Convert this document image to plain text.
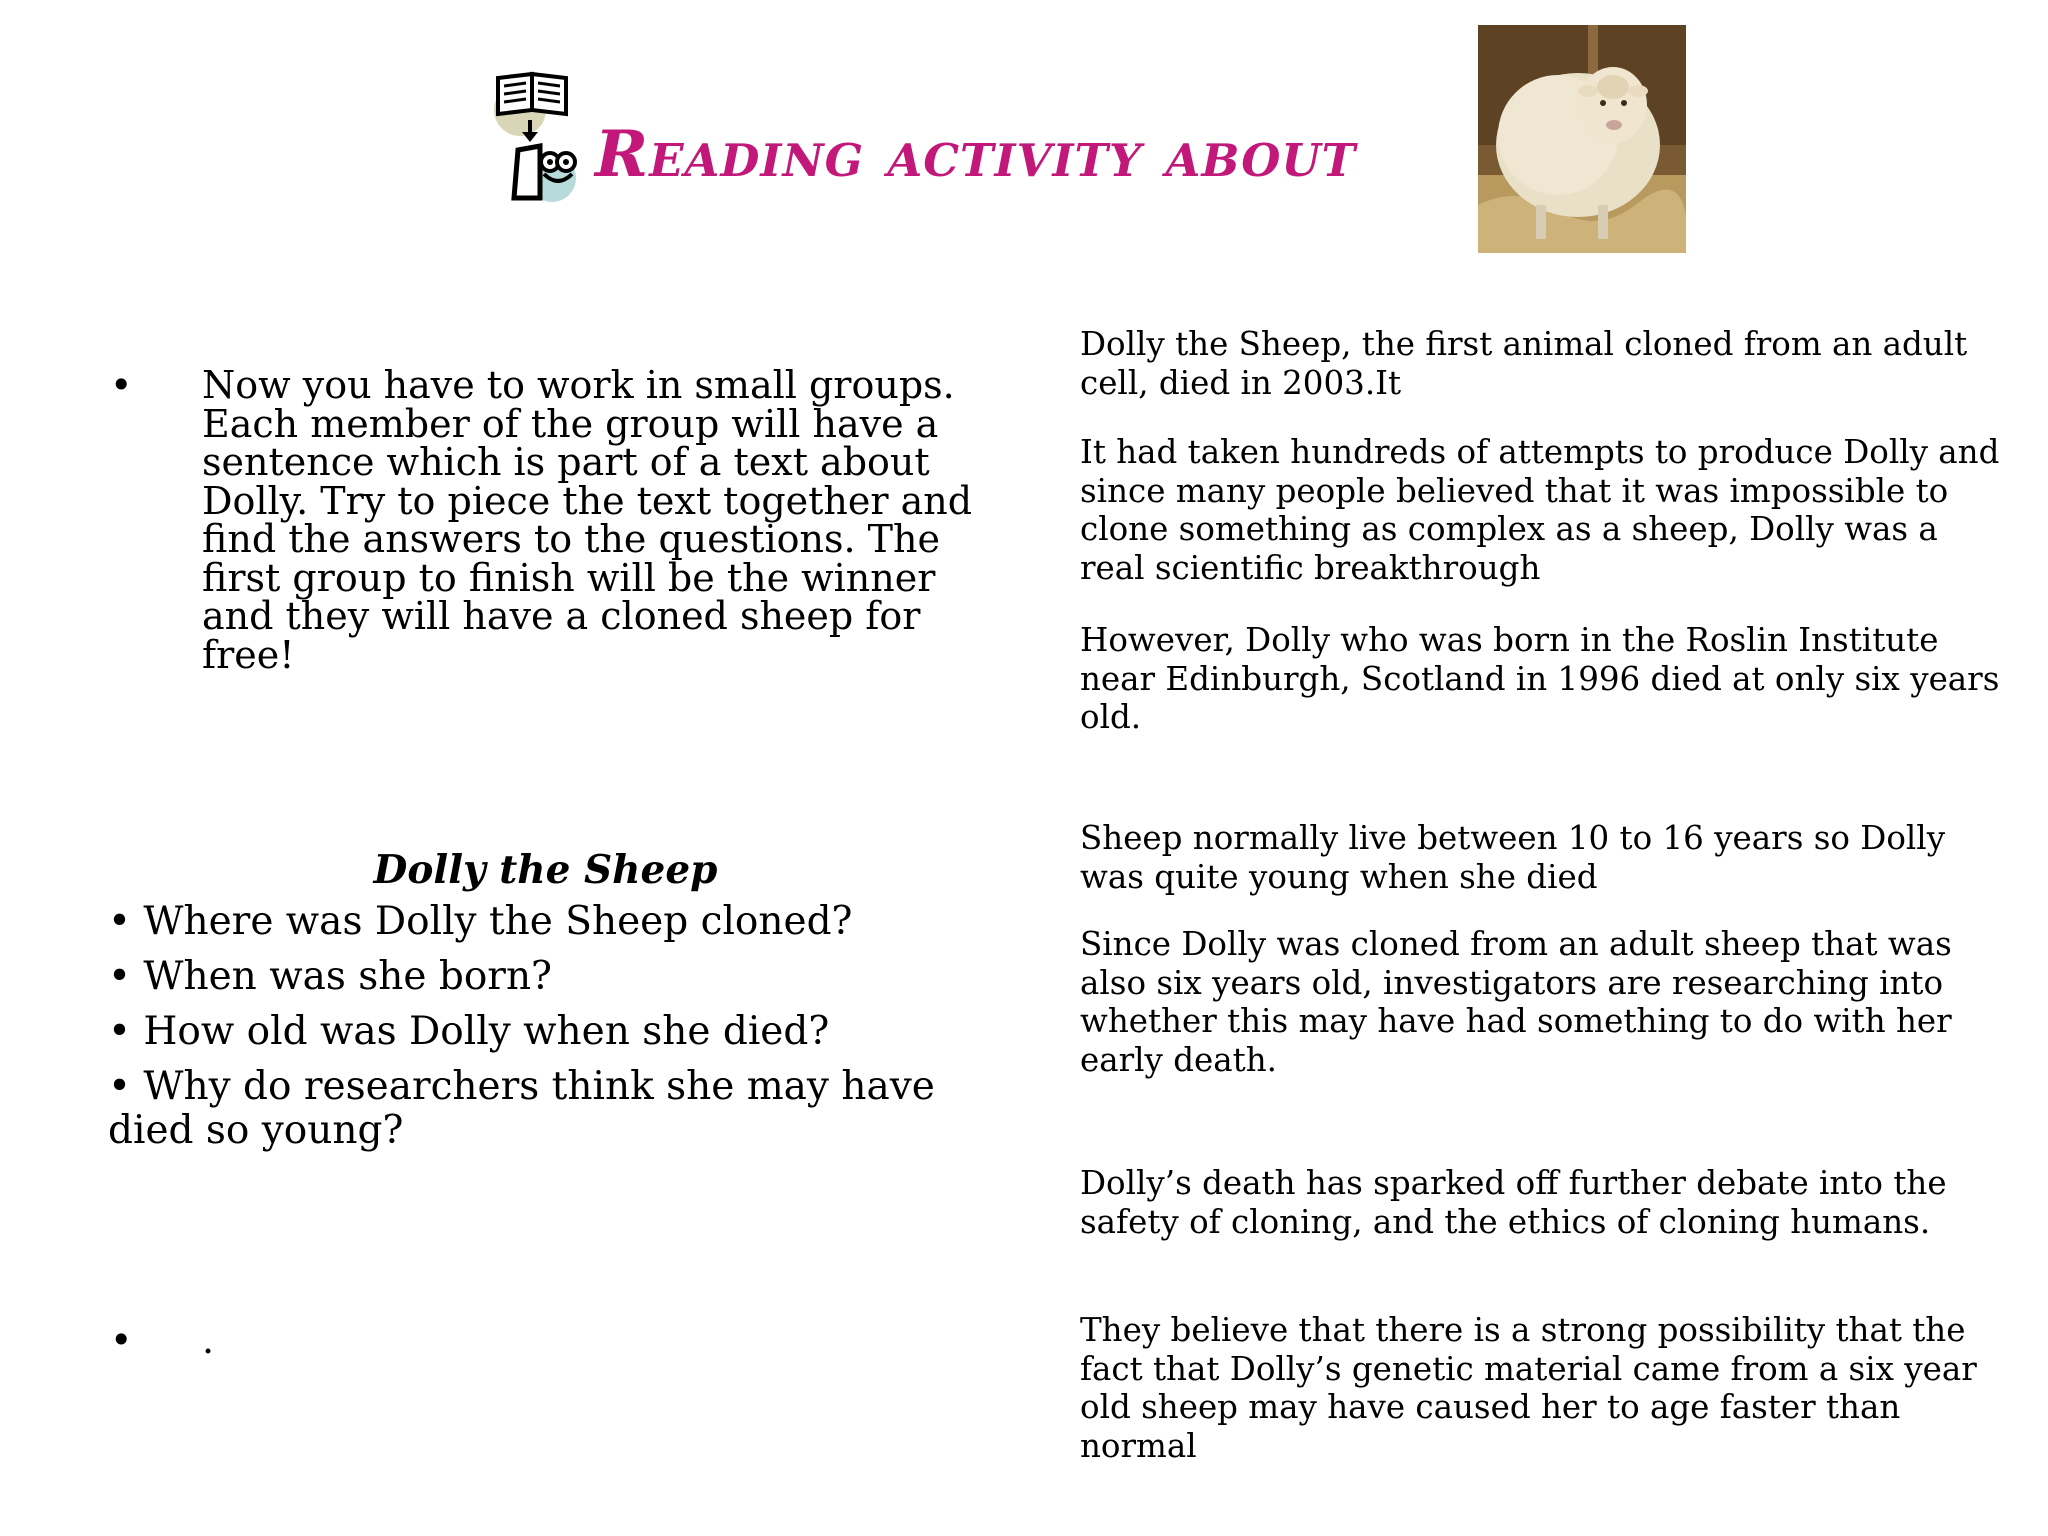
Reading activity about
• Now you have to work in small groups. Each member of the group will have a sentence which is part of a text about Dolly. Try to piece the text together and find the answers to the questions. The first group to finish will be the winner and they will have a cloned sheep for free!
Dolly the Sheep
• Where was Dolly the Sheep cloned?
• When was she born?
• How old was Dolly when she died?
• Why do researchers think she may have died so young?
• .
Dolly the Sheep, the first animal cloned from an adult cell, died in 2003.It
It had taken hundreds of attempts to produce Dolly and since many people believed that it was impossible to clone something as complex as a sheep, Dolly was a real scientific breakthrough
However, Dolly who was born in the Roslin Institute near Edinburgh, Scotland in 1996 died at only six years old.
Sheep normally live between 10 to 16 years so Dolly was quite young when she died
Since Dolly was cloned from an adult sheep that was also six years old, investigators are researching into whether this may have had something to do with her early death.
Dolly’s death has sparked off further debate into the safety of cloning, and the ethics of cloning humans.
They believe that there is a strong possibility that the fact that Dolly’s genetic material came from a six year old sheep may have caused her to age faster than normal
